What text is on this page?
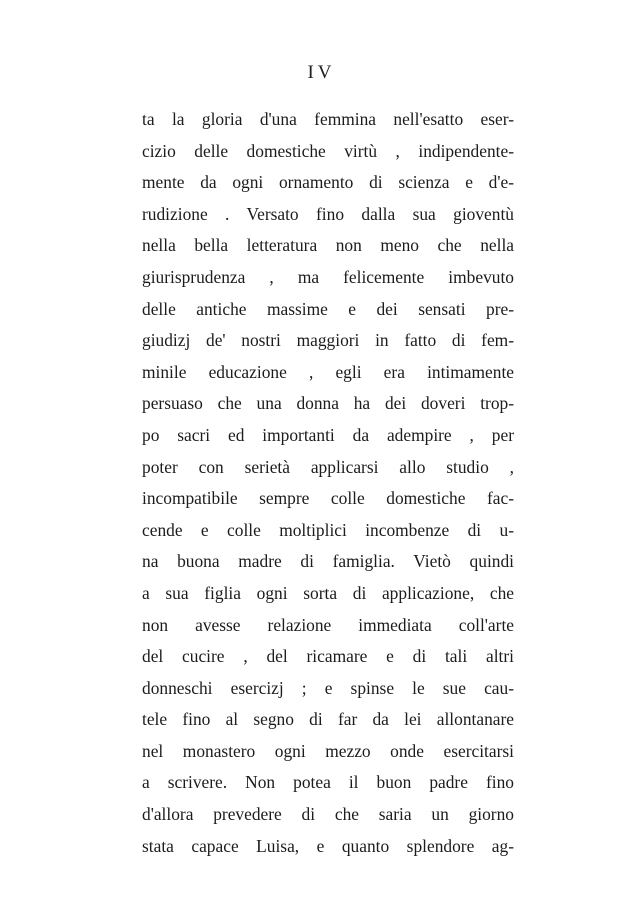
IV
ta la gloria d'una femmina nell'esatto eser-
cizio delle domestiche virtù , indipendente-
mente da ogni ornamento di scienza e d'e-
rudizione . Versato fino dalla sua gioventù
nella bella letteratura non meno che nella
giurisprudenza , ma felicemente imbevuto
delle antiche massime e dei sensati pre-
giudizj de' nostri maggiori in fatto di fem-
minile educazione , egli era intimamente
persuaso che una donna ha dei doveri trop-
po sacri ed importanti da adempire , per
poter con serietà applicarsi allo studio ,
incompatibile sempre colle domestiche fac-
cende e colle moltiplici incombenze di u-
na buona madre di famiglia. Vietò quindi
a sua figlia ogni sorta di applicazione, che
non avesse relazione immediata coll'arte
del cucire , del ricamare e di tali altri
donneschi esercizj ; e spinse le sue cau-
tele fino al segno di far da lei allontanare
nel monastero ogni mezzo onde esercitarsi
a scrivere. Non potea il buon padre fino
d'allora prevedere di che saria un giorno
stata capace Luisa, e quanto splendore ag-
